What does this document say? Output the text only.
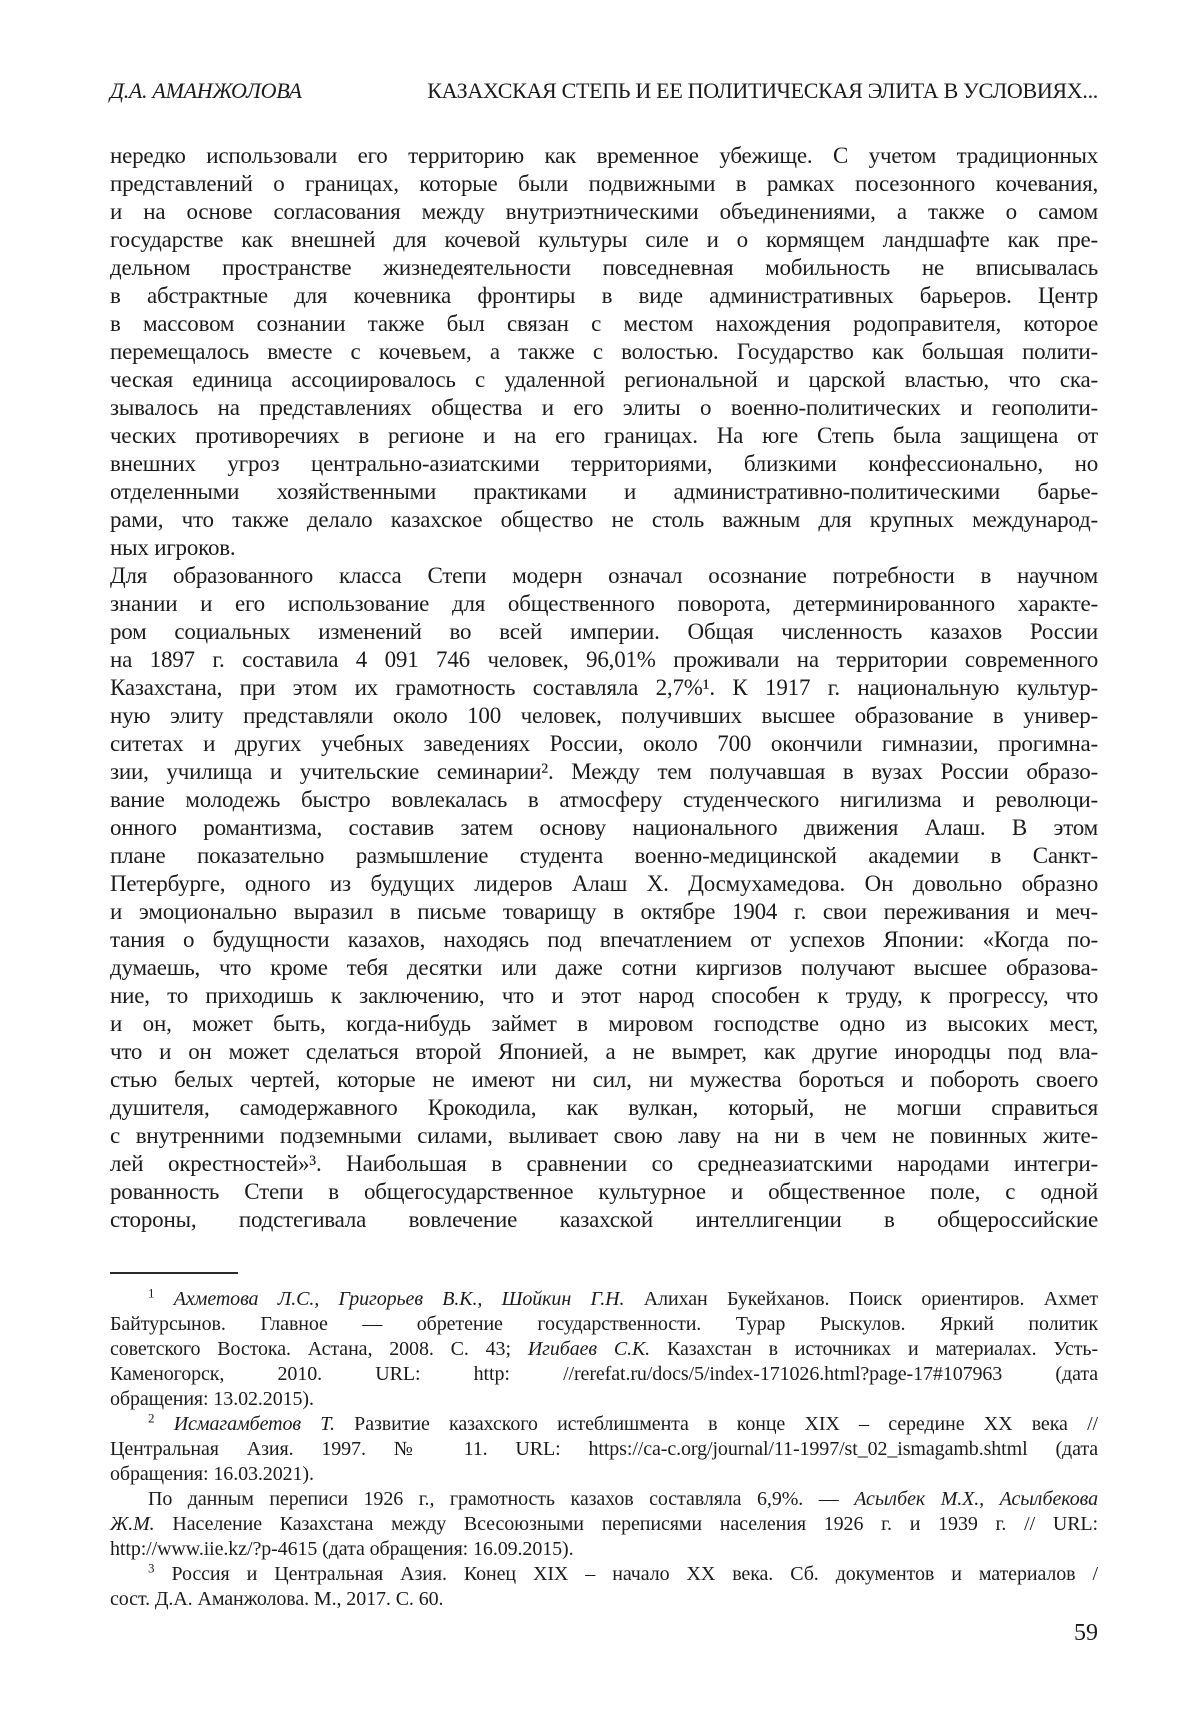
Д.А. АМАНЖОЛОВА	КАЗАХСКАЯ СТЕПЬ И ЕЕ ПОЛИТИЧЕСКАЯ ЭЛИТА В УСЛОВИЯХ...
нередко использовали его территорию как временное убежище. С учетом традиционных
представлений о границах, которые были подвижными в рамках посезонного кочевания,
и на основе согласования между внутриэтническими объединениями, а также о самом
государстве как внешней для кочевой культуры силе и о кормящем ландшафте как пре-
дельном пространстве жизнедеятельности повседневная мобильность не вписывалась
в абстрактные для кочевника фронтиры в виде административных барьеров. Центр
в массовом сознании также был связан с местом нахождения родоправителя, которое
перемещалось вместе с кочевьем, а также с волостью. Государство как большая полити-
ческая единица ассоциировалось с удаленной региональной и царской властью, что ска-
зывалось на представлениях общества и его элиты о военно-политических и геополити-
ческих противоречиях в регионе и на его границах. На юге Степь была защищена от
внешних угроз центрально-азиатскими территориями, близкими конфессионально, но
отделенными хозяйственными практиками и административно-политическими барье-
рами, что также делало казахское общество не столь важным для крупных международ-
ных игроков.
Для образованного класса Степи модерн означал осознание потребности в научном
знании и его использование для общественного поворота, детерминированного характе-
ром социальных изменений во всей империи. Общая численность казахов России
на 1897 г. составила 4 091 746 человек, 96,01% проживали на территории современного
Казахстана, при этом их грамотность составляла 2,7%¹. К 1917 г. национальную культур-
ную элиту представляли около 100 человек, получивших высшее образование в универ-
ситетах и других учебных заведениях России, около 700 окончили гимназии, прогимна-
зии, училища и учительские семинарии². Между тем получавшая в вузах России образо-
вание молодежь быстро вовлекалась в атмосферу студенческого нигилизма и революци-
онного романтизма, составив затем основу национального движения Алаш. В этом
плане показательно размышление студента военно-медицинской академии в Санкт-
Петербурге, одного из будущих лидеров Алаш Х. Досмухамедова. Он довольно образно
и эмоционально выразил в письме товарищу в октябре 1904 г. свои переживания и меч-
тания о будущности казахов, находясь под впечатлением от успехов Японии: «Когда по-
думаешь, что кроме тебя десятки или даже сотни киргизов получают высшее образова-
ние, то приходишь к заключению, что и этот народ способен к труду, к прогрессу, что
и он, может быть, когда-нибудь займет в мировом господстве одно из высоких мест,
что и он может сделаться второй Японией, а не вымрет, как другие инородцы под вла-
стью белых чертей, которые не имеют ни сил, ни мужества бороться и побороть своего
душителя, самодержавного Крокодила, как вулкан, который, не могши справиться
с внутренними подземными силами, выливает свою лаву на ни в чем не повинных жите-
лей окрестностей»³. Наибольшая в сравнении со среднеазиатскими народами интегри-
рованность Степи в общегосударственное культурное и общественное поле, с одной
стороны, подстегивала вовлечение казахской интеллигенции в общероссийские
$^1$ Ахметова Л.С., Григорьев В.К., Шойкин Г.Н. Алихан Букейханов. Поиск ориентиров. Ахмет
Байтурсынов. Главное — обретение государственности. Турар Рыскулов. Яркий политик
советского Востока. Астана, 2008. С. 43; Игибаев С.К. Казахстан в источниках и материалах. Усть-
Каменогорск, 2010. URL: http: //rerefat.ru/docs/5/index-171026.html?page-17#107963 (дата
обращения: 13.02.2015).
$^2$ Исмагамбетов Т. Развитие казахского истеблишмента в конце XIX – середине XX века //
Центральная Азия. 1997. № 11. URL: https://ca-c.org/journal/11-1997/st_02_ismagamb.shtml (дата
обращения: 16.03.2021).
По данным переписи 1926 г., грамотность казахов составляла 6,9%. — Асылбек М.Х., Асылбекова
Ж.М. Население Казахстана между Всесоюзными переписями населения 1926 г. и 1939 г. // URL:
http://www.iie.kz/?p-4615 (дата обращения: 16.09.2015).
$^3$ Россия и Центральная Азия. Конец XIX – начало XX века. Сб. документов и материалов /
сост. Д.А. Аманжолова. М., 2017. С. 60.
59
